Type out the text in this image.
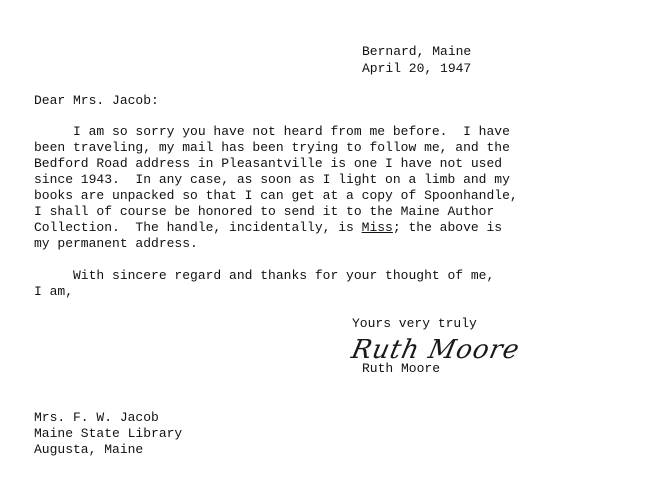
Bernard, Maine
April 20, 1947
Dear Mrs. Jacob:
I am so sorry you have not heard from me before.  I have
been traveling, my mail has been trying to follow me, and the
Bedford Road address in Pleasantville is one I have not used
since 1943.  In any case, as soon as I light on a limb and my
books are unpacked so that I can get at a copy of Spoonhandle,
I shall of course be honored to send it to the Maine Author
Collection.  The handle, incidentally, is Miss; the above is
my permanent address.
With sincere regard and thanks for your thought of me,
I am,
Yours very truly
Ruth Moore
Ruth Moore
Mrs. F. W. Jacob
Maine State Library
Augusta, Maine
